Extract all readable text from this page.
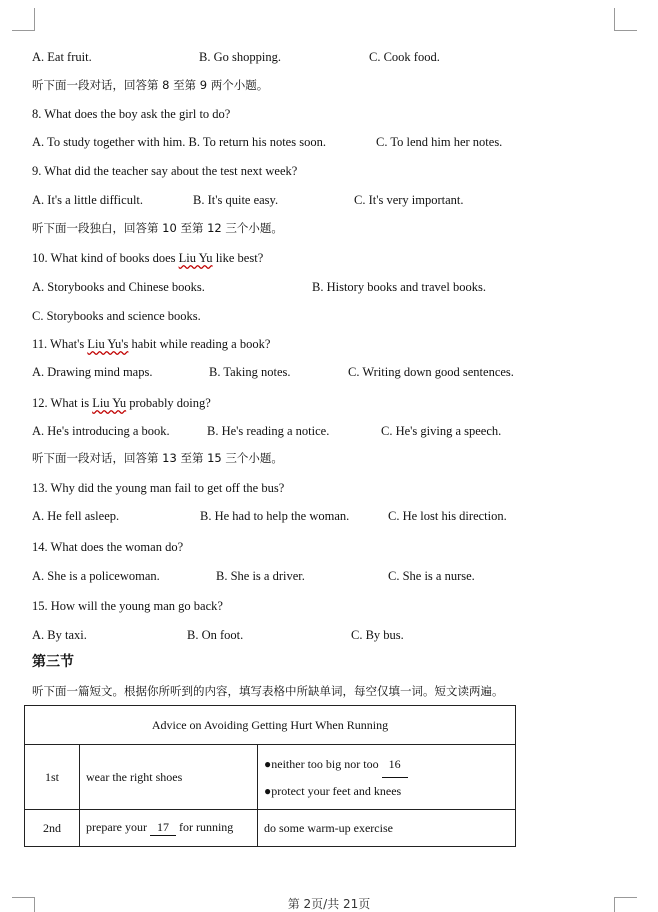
A. Eat fruit.	B. Go shopping.	C. Cook food.
听下面一段对话，回答第 8 至第 9 两个小题。
8. What does the boy ask the girl to do?
A. To study together with him. B. To return his notes soon.	C. To lend him her notes.
9. What did the teacher say about the test next week?
A. It's a little difficult.	B. It's quite easy.	C. It's very important.
听下面一段独白，回答第 10 至第 12 三个小题。
10. What kind of books does Liu Yu like best?
A. Storybooks and Chinese books.	B. History books and travel books.
C. Storybooks and science books.
11. What's Liu Yu's habit while reading a book?
A. Drawing mind maps.	B. Taking notes.	C. Writing down good sentences.
12. What is Liu Yu probably doing?
A. He's introducing a book.	B. He's reading a notice.	C. He's giving a speech.
听下面一段对话，回答第 13 至第 15 三个小题。
13. Why did the young man fail to get off the bus?
A. He fell asleep.	B. He had to help the woman.	C. He lost his direction.
14. What does the woman do?
A. She is a policewoman.	B. She is a driver.	C. She is a nurse.
15. How will the young man go back?
A. By taxi.	B. On foot.	C. By bus.
第三节
听下面一篇短文。根据你所听到的内容，填写表格中所缺单词，每空仅填一词。短文读两遍。
Advice on Avoiding Getting Hurt When Running		
1st	wear the right shoes	●neither too big nor too 16
●protect your feet and knees

2nd	prepare your 17 for running	do some warm-up exercise
第 2页/共 21页
